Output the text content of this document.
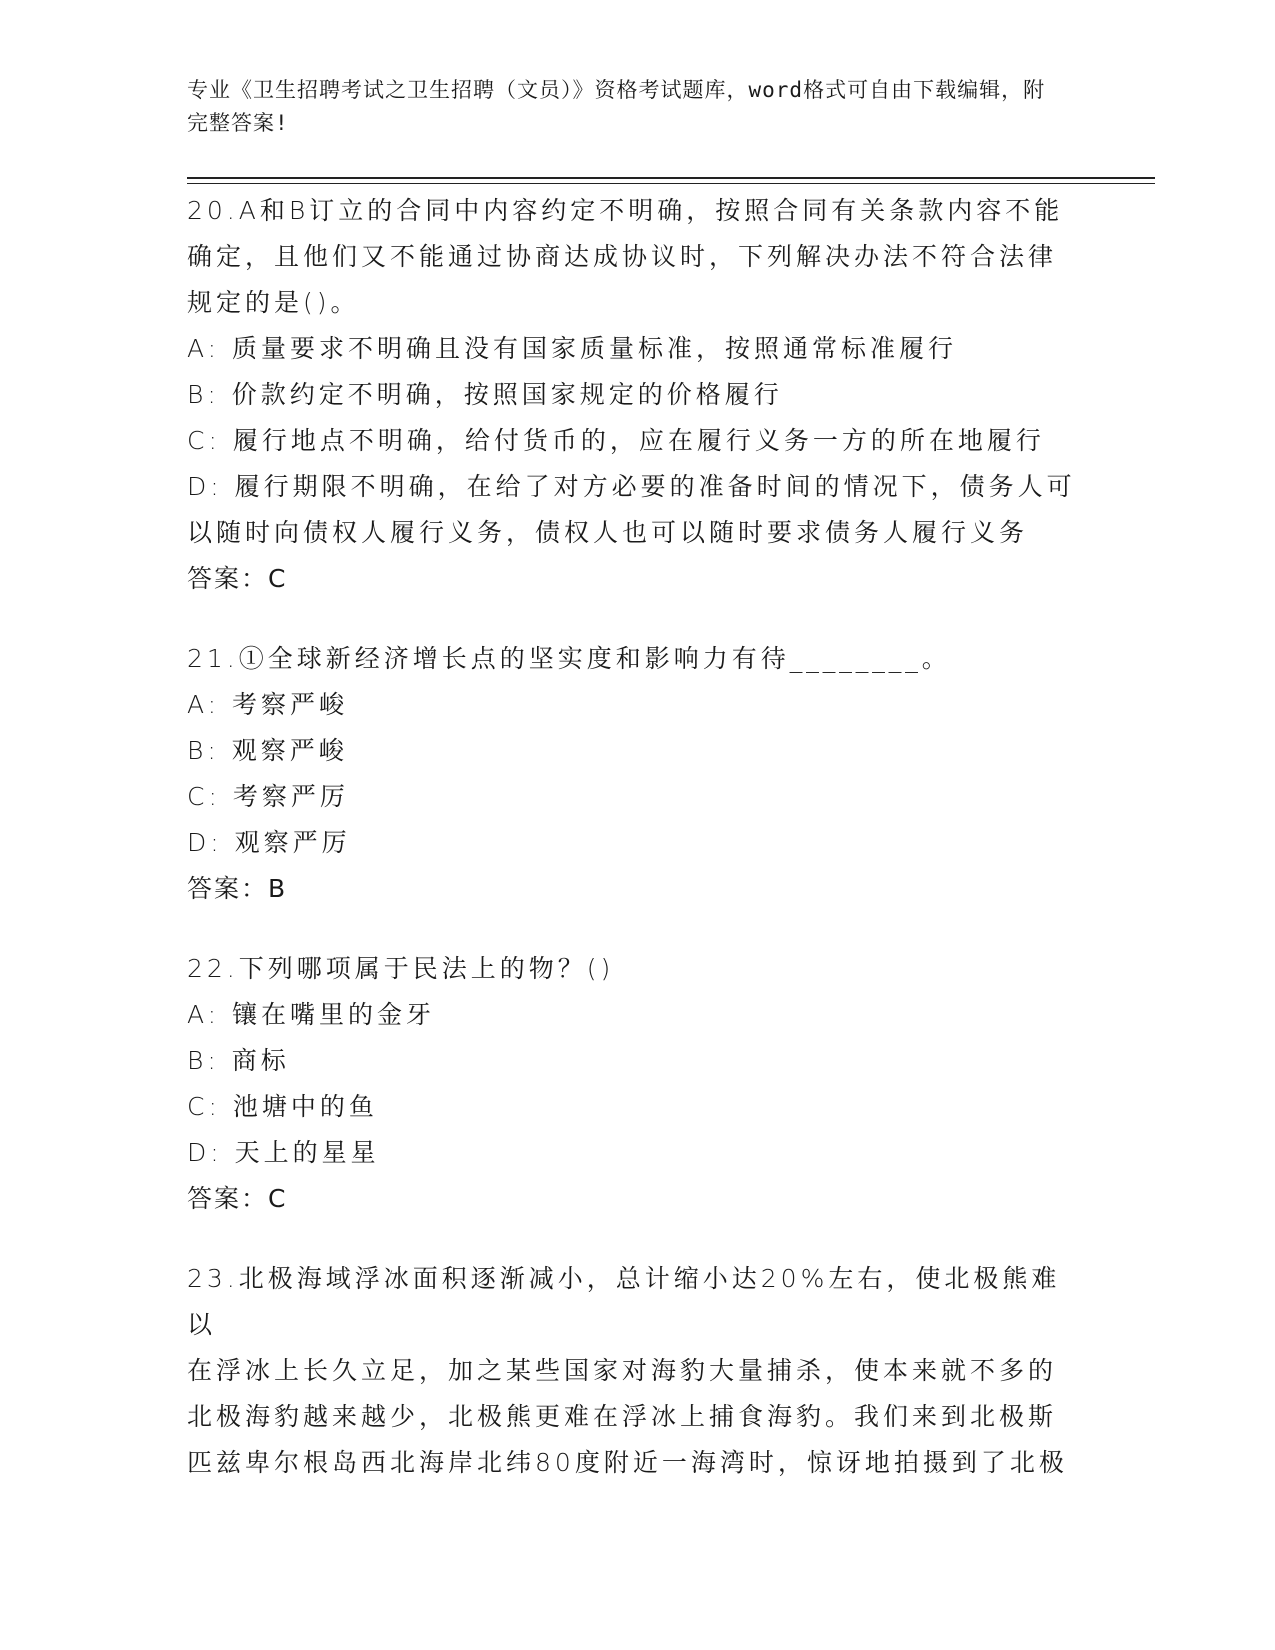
专业《卫生招聘考试之卫生招聘（文员）》资格考试题库，word格式可自由下载编辑，附完整答案!
20.A和B订立的合同中内容约定不明确，按照合同有关条款内容不能
确定，且他们又不能通过协商达成协议时，下列解决办法不符合法律
规定的是()。
A: 质量要求不明确且没有国家质量标准，按照通常标准履行
B: 价款约定不明确，按照国家规定的价格履行
C: 履行地点不明确，给付货币的，应在履行义务一方的所在地履行
D: 履行期限不明确，在给了对方必要的准备时间的情况下，债务人可
以随时向债权人履行义务，债权人也可以随时要求债务人履行义务
答案：C
21.①全球新经济增长点的坚实度和影响力有待________。
A: 考察严峻
B: 观察严峻
C: 考察严厉
D: 观察严厉
答案：B
22.下列哪项属于民法上的物？()
A: 镶在嘴里的金牙
B: 商标
C: 池塘中的鱼
D: 天上的星星
答案：C
23.北极海域浮冰面积逐渐减小，总计缩小达20%左右，使北极熊难以
在浮冰上长久立足，加之某些国家对海豹大量捕杀，使本来就不多的
北极海豹越来越少，北极熊更难在浮冰上捕食海豹。我们来到北极斯
匹兹卑尔根岛西北海岸北纬80度附近一海湾时，惊讶地拍摄到了北极
